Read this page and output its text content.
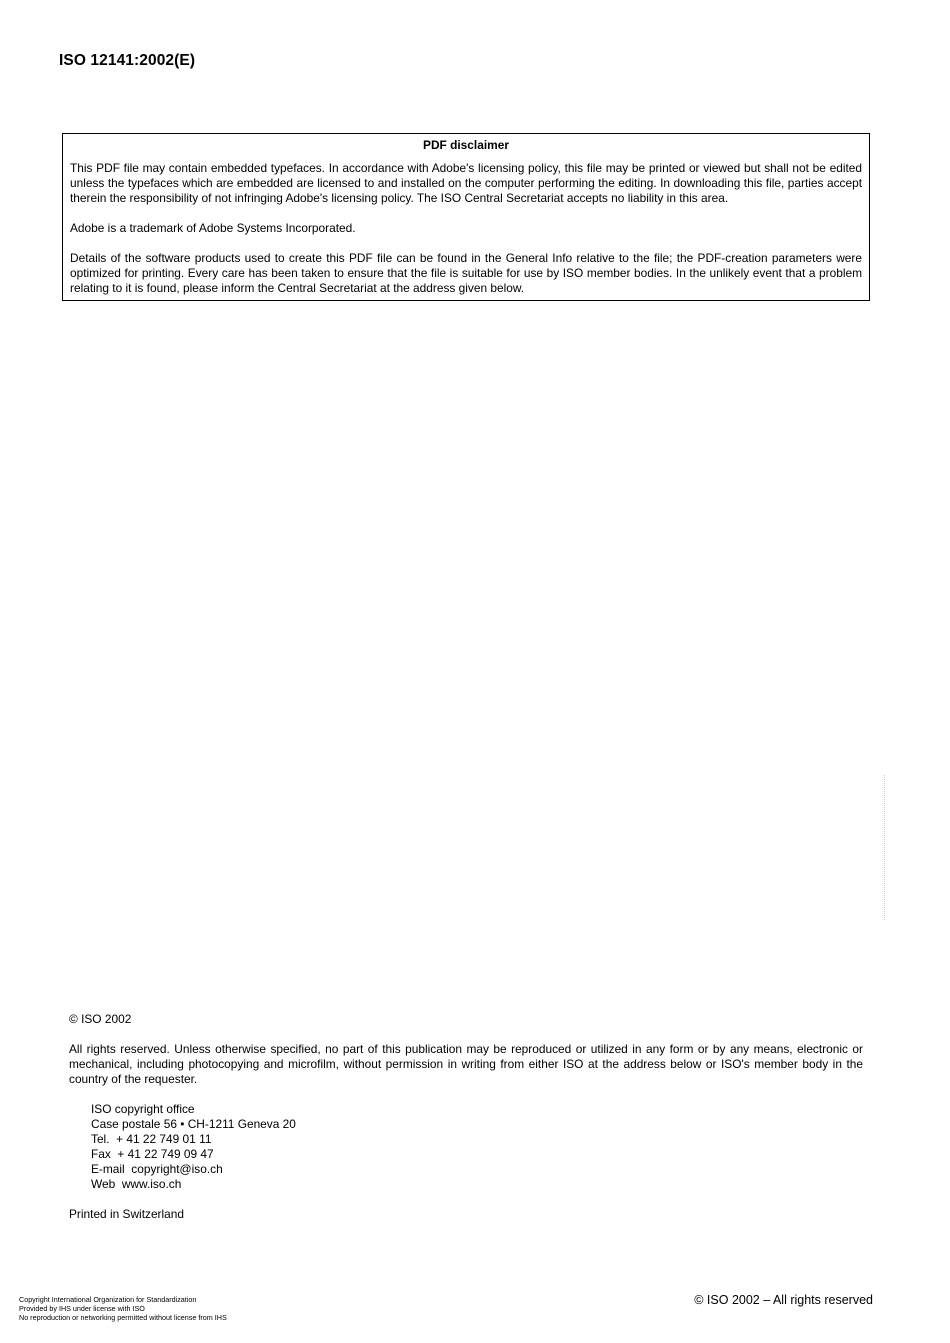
ISO 12141:2002(E)

PDF disclaimer

This PDF file may contain embedded typefaces. In accordance with Adobe's licensing policy, this file may be printed or viewed but shall not be edited unless the typefaces which are embedded are licensed to and installed on the computer performing the editing. In downloading this file, parties accept therein the responsibility of not infringing Adobe's licensing policy. The ISO Central Secretariat accepts no liability in this area.

Adobe is a trademark of Adobe Systems Incorporated.

Details of the software products used to create this PDF file can be found in the General Info relative to the file; the PDF-creation parameters were optimized for printing. Every care has been taken to ensure that the file is suitable for use by ISO member bodies. In the unlikely event that a problem relating to it is found, please inform the Central Secretariat at the address given below.

© ISO 2002

All rights reserved. Unless otherwise specified, no part of this publication may be reproduced or utilized in any form or by any means, electronic or mechanical, including photocopying and microfilm, without permission in writing from either ISO at the address below or ISO's member body in the country of the requester.

ISO copyright office
Case postale 56 • CH-1211 Geneva 20
Tel.  + 41 22 749 01 11
Fax  + 41 22 749 09 47
E-mail  copyright@iso.ch
Web  www.iso.ch

Printed in Switzerland

Copyright International Organization for Standardization
Provided by IHS under license with ISO
No reproduction or networking permitted without license from IHS
© ISO 2002 – All rights reserved
